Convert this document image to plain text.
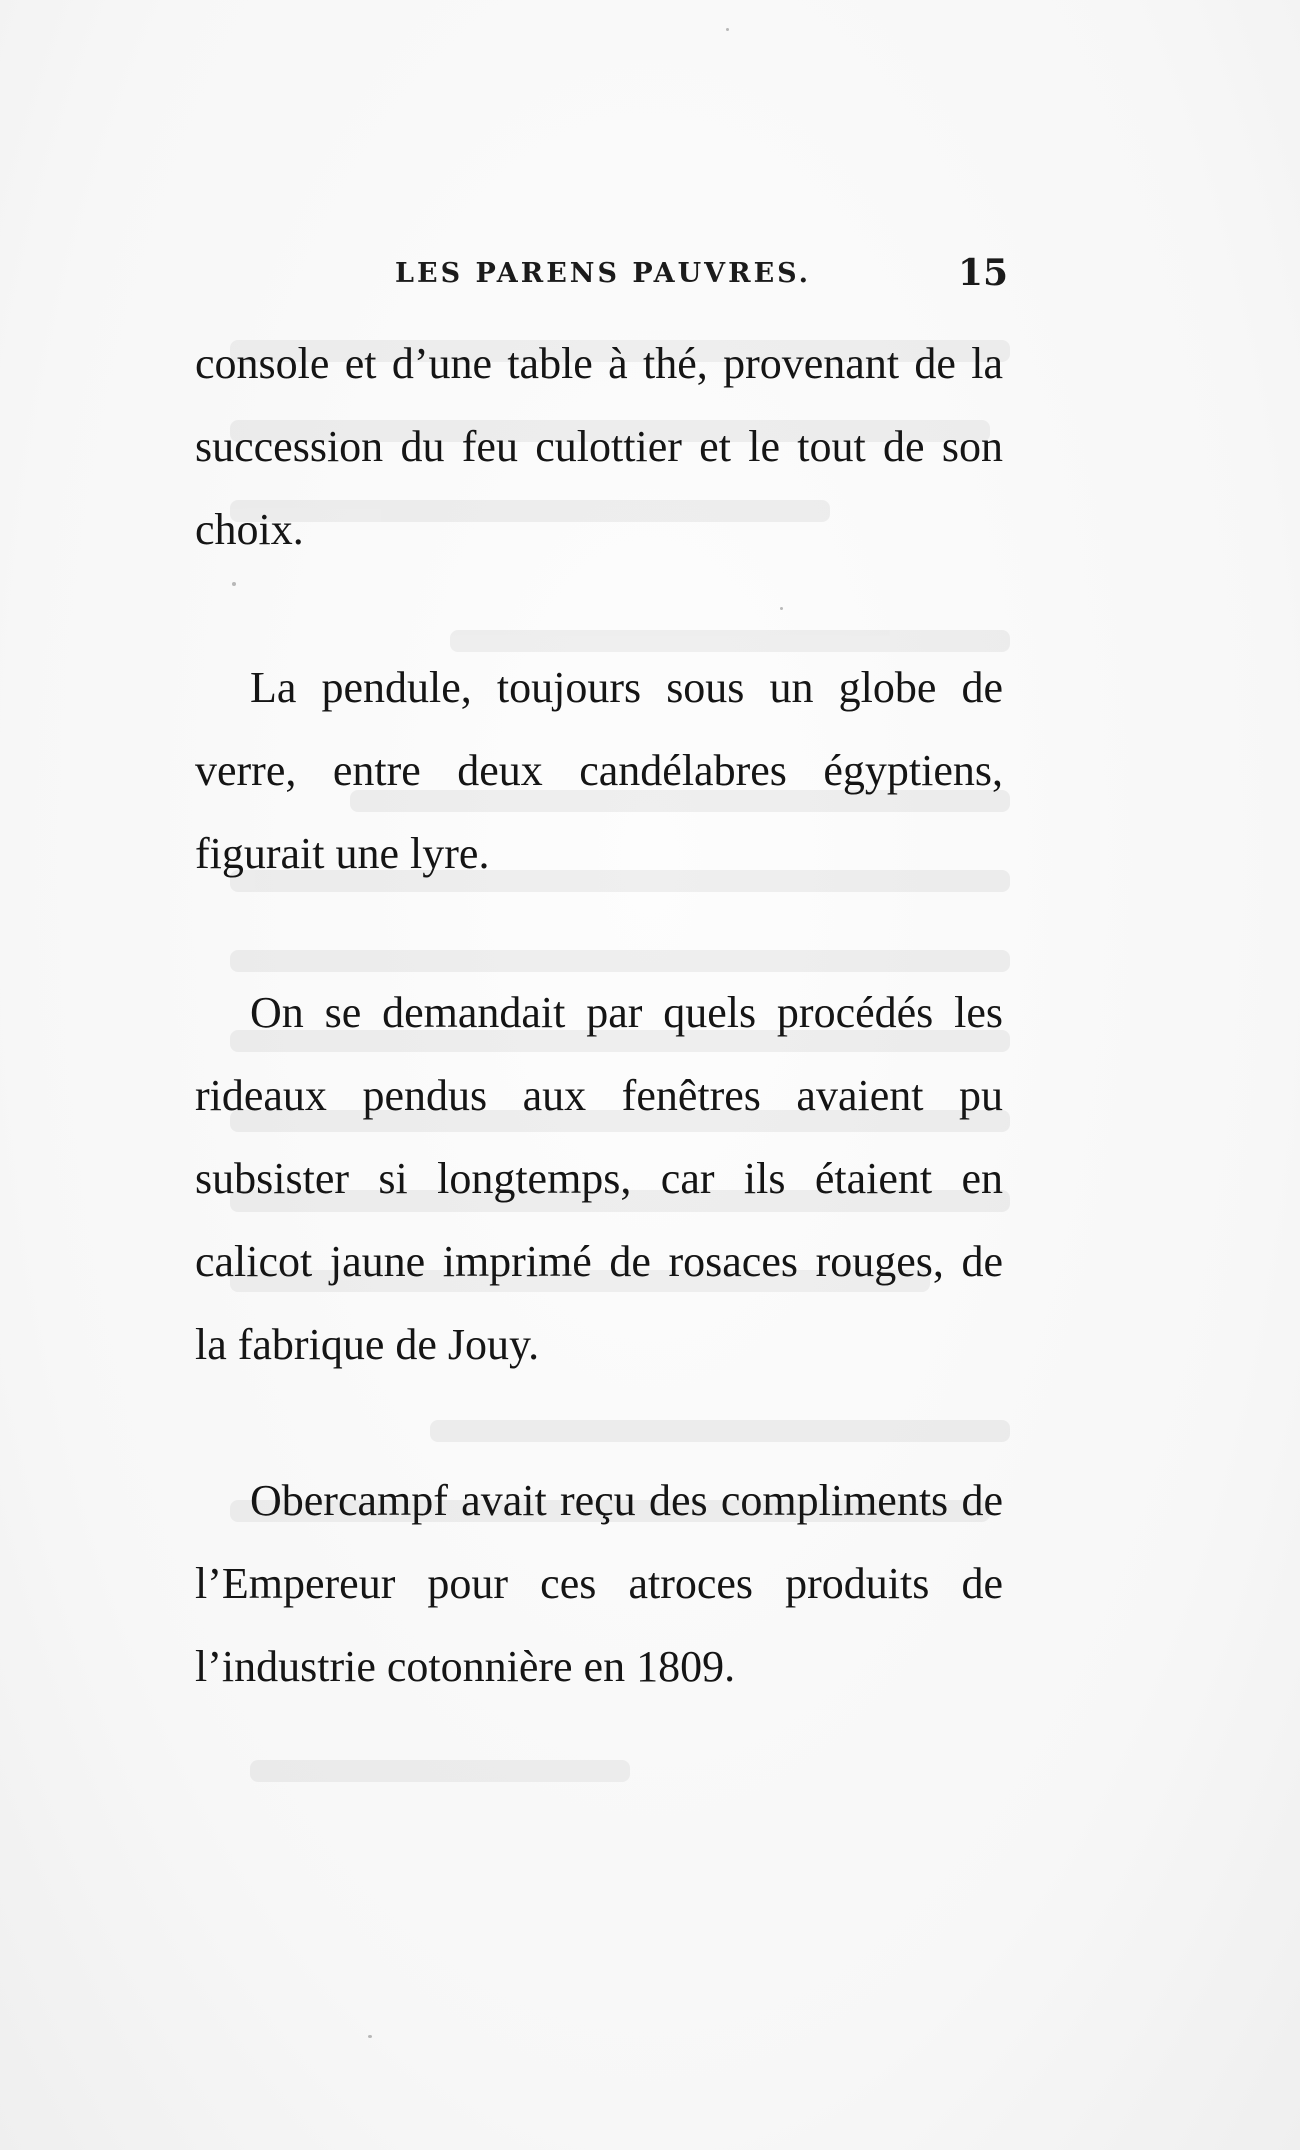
LES PARENS PAUVRES.	15

console et d’une table à thé, provenant de la succession du feu culottier et le tout de son choix.

La pendule, toujours sous un globe de verre, entre deux candélabres égyptiens, figurait une lyre.

On se demandait par quels procédés les rideaux pendus aux fenêtres avaient pu subsister si longtemps, car ils étaient en calicot jaune imprimé de rosaces rouges, de la fabrique de Jouy.

Obercampf avait reçu des compliments de l’Empereur pour ces atroces produits de l’industrie cotonnière en 1809.
